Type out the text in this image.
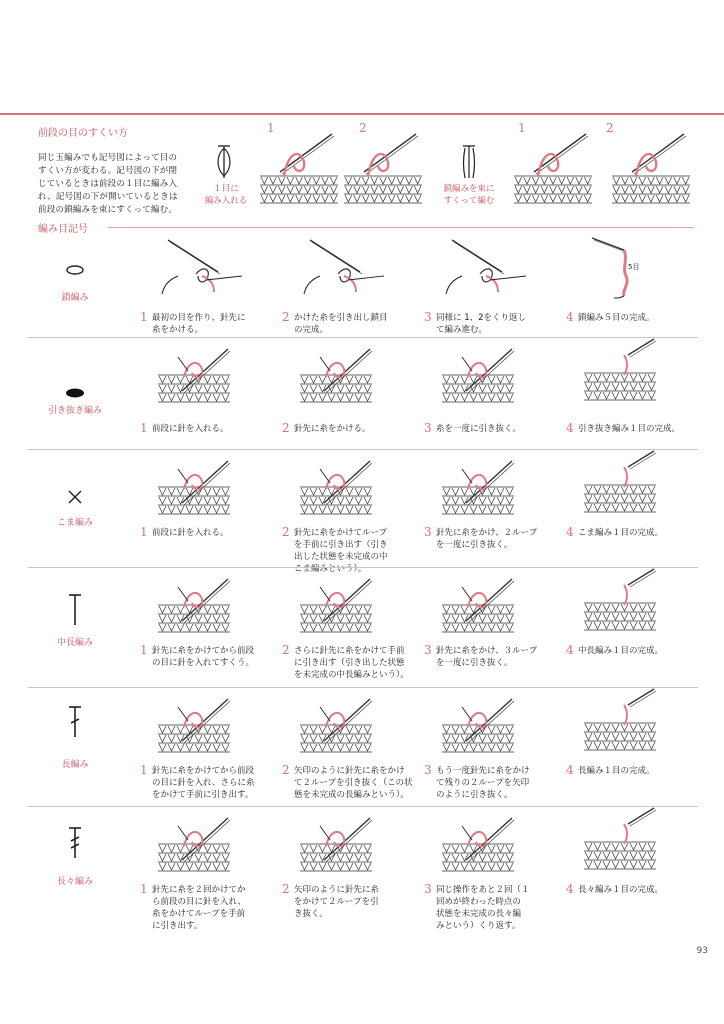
前段の目のすくい方
同じ玉編みでも記号図によって目の
すくい方が変わる。記号図の下が閉
じているときは前段の１目に編み入
れ、記号図の下が開いているときは
前段の鎖編みを束にすくって編む。
１目に
編み入れる
鎖編みを束に
すくって編む
1	2	1	2
編み目記号
鎖編み
1 最初の目を作り、針先に
糸をかける。
2 かけた糸を引き出し鎖目
の完成。
3 同様に 1、2をくり返し
て編み進む。
4 鎖編み５目の完成。
5目
引き抜き編み
1 前段に針を入れる。	2 針先に糸をかける。	3 糸を一度に引き抜く。	4 引き抜き編み１目の完成。
こま編み
1 前段に針を入れる。	2 針先に糸をかけてループ
を手前に引き出す（引き
出した状態を未完成の中
こま編みという）。
3 針先に糸をかけ、２ループ
を一度に引き抜く。
4 こま編み１目の完成。
中長編み	1 針先に糸をかけてから前段
の目に針を入れてすくう。
2 さらに針先に糸をかけて手前
に引き出す（引き出した状態
を未完成の中長編みという）。
3 針先に糸をかけ、３ループ
を一度に引き抜く。
4 中長編み１目の完成。
長編み	1 針先に糸をかけてから前段
の目に針を入れ、さらに糸
をかけて手前に引き出す。
2 矢印のように針先に糸をかけ
て２ループを引き抜く（この状
態を未完成の長編みという）。
3 もう一度針先に糸をかけ
て残りの２ループを矢印
のように引き抜く。
4 長編み１目の完成。
長々編み	1 針先に糸を２回かけてか
ら前段の目に針を入れ、
糸をかけてループを手前
に引き出す。
2 矢印のように針先に糸
をかけて２ループを引
き抜く。
3 同じ操作をあと２回（１
回めが終わった時点の
状態を未完成の長々編
みという）くり返す。
4 長々編み１目の完成。
93
